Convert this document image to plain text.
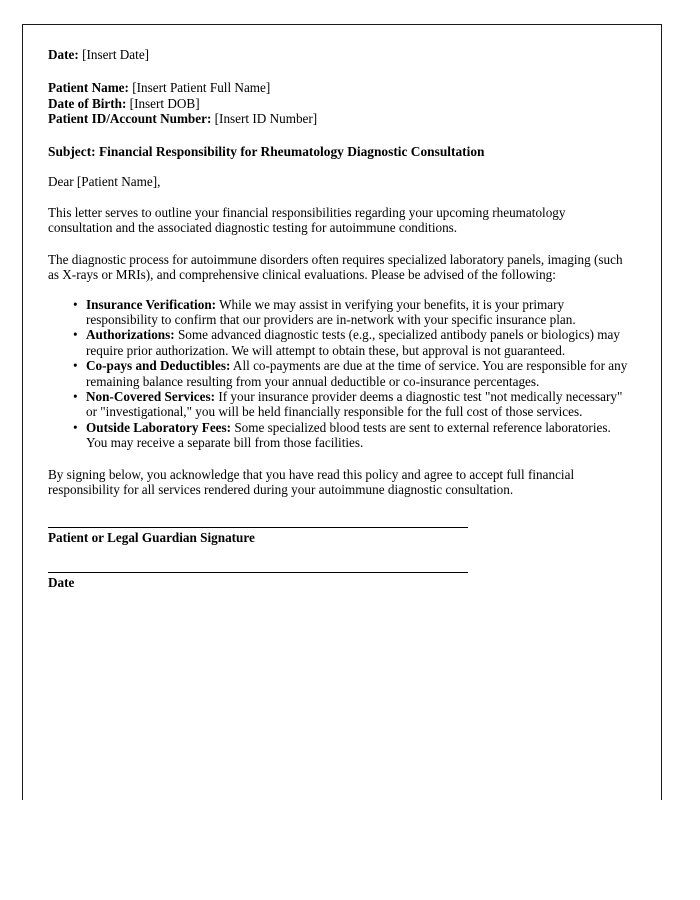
Date: [Insert Date]
Patient Name: [Insert Patient Full Name]
Date of Birth: [Insert DOB]
Patient ID/Account Number: [Insert ID Number]
Subject: Financial Responsibility for Rheumatology Diagnostic Consultation
Dear [Patient Name],

This letter serves to outline your financial responsibilities regarding your upcoming rheumatology consultation and the associated diagnostic testing for autoimmune conditions.

The diagnostic process for autoimmune disorders often requires specialized laboratory panels, imaging (such as X-rays or MRIs), and comprehensive clinical evaluations. Please be advised of the following:

• Insurance Verification: While we may assist in verifying your benefits, it is your primary responsibility to confirm that our providers are in-network with your specific insurance plan.
• Authorizations: Some advanced diagnostic tests (e.g., specialized antibody panels or biologics) may require prior authorization. We will attempt to obtain these, but approval is not guaranteed.
• Co-pays and Deductibles: All co-payments are due at the time of service. You are responsible for any remaining balance resulting from your annual deductible or co-insurance percentages.
• Non-Covered Services: If your insurance provider deems a diagnostic test "not medically necessary" or "investigational," you will be held financially responsible for the full cost of those services.
• Outside Laboratory Fees: Some specialized blood tests are sent to external reference laboratories. You may receive a separate bill from those facilities.

By signing below, you acknowledge that you have read this policy and agree to accept full financial responsibility for all services rendered during your autoimmune diagnostic consultation.

Patient or Legal Guardian Signature
Date
